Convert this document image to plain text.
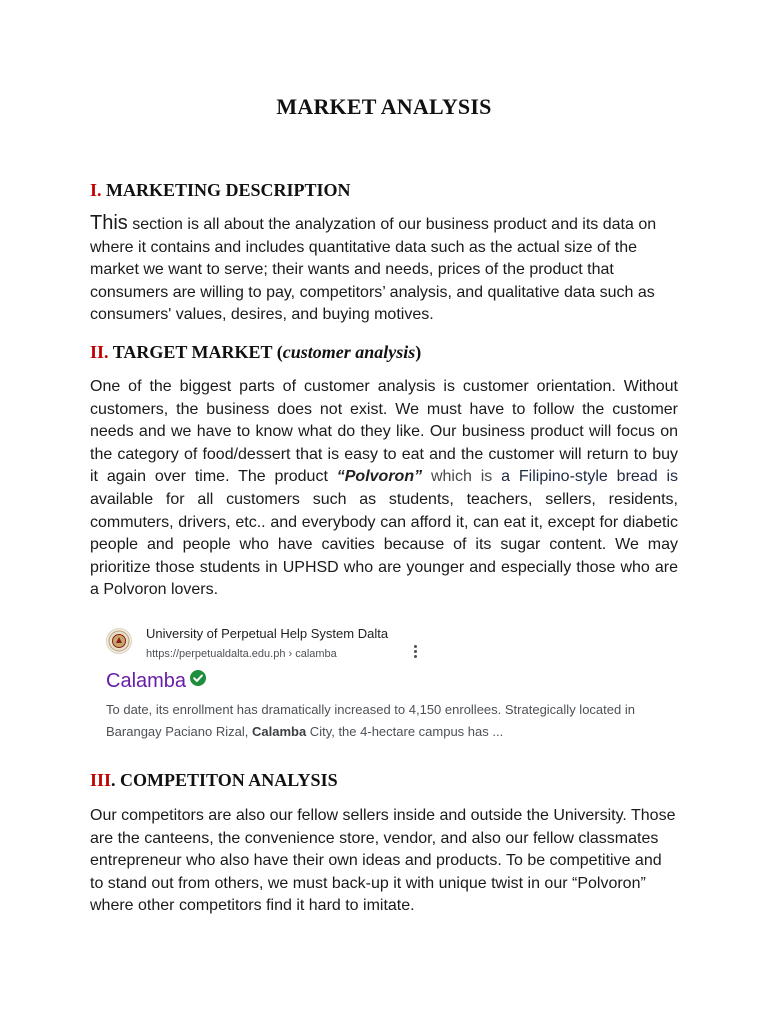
MARKET ANALYSIS
I. MARKETING DESCRIPTION
This section is all about the analyzation of our business product and its data on where it contains and includes quantitative data such as the actual size of the market we want to serve; their wants and needs, prices of the product that consumers are willing to pay, competitors’ analysis, and qualitative data such as consumers' values, desires, and buying motives.
II. TARGET MARKET (customer analysis)
One of the biggest parts of customer analysis is customer orientation. Without customers, the business does not exist. We must have to follow the customer needs and we have to know what do they like. Our business product will focus on the category of food/dessert that is easy to eat and the customer will return to buy it again over time. The product “Polvoron” which is a Filipino-style bread is available for all customers such as students, teachers, sellers, residents, commuters, drivers, etc.. and everybody can afford it, can eat it, except for diabetic people and people who have cavities because of its sugar content. We may prioritize those students in UPHSD who are younger and especially those who are a Polvoron lovers.
University of Perpetual Help System Dalta
https://perpetualdalta.edu.ph › calamba
Calamba
To date, its enrollment has dramatically increased to 4,150 enrollees. Strategically located in Barangay Paciano Rizal, Calamba City, the 4-hectare campus has ...
III. COMPETITON ANALYSIS
Our competitors are also our fellow sellers inside and outside the University. Those are the canteens, the convenience store, vendor, and also our fellow classmates entrepreneur who also have their own ideas and products. To be competitive and to stand out from others, we must back-up it with unique twist in our “Polvoron” where other competitors find it hard to imitate.
